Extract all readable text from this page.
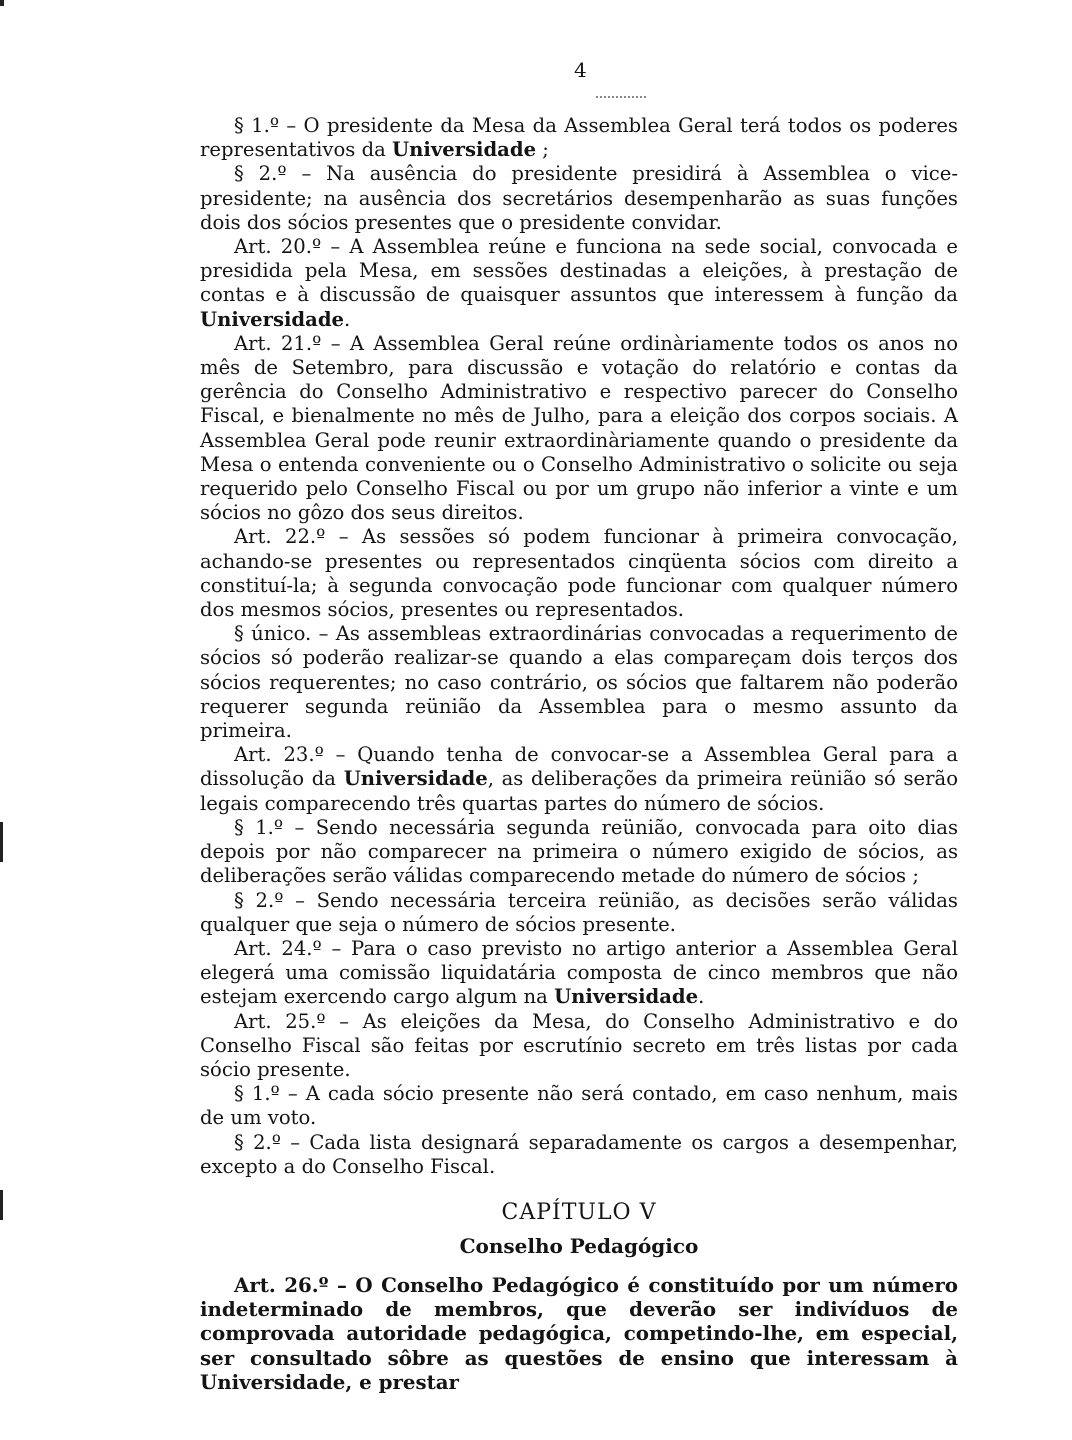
4

§ 1.º – O presidente da Mesa da Assemblea Geral terá todos os poderes representativos da Universidade ;

§ 2.º – Na ausência do presidente presidirá à Assemblea o vice-presidente; na ausência dos secretários desempenharão as suas funções dois dos sócios presentes que o presidente convidar.

Art. 20.º – A Assemblea reúne e funciona na sede social, convocada e presidida pela Mesa, em sessões destinadas a eleições, à prestação de contas e à discussão de quaisquer assuntos que interessem à função da Universidade.

Art. 21.º – A Assemblea Geral reúne ordinàriamente todos os anos no mês de Setembro, para discussão e votação do relatório e contas da gerência do Conselho Administrativo e respectivo parecer do Conselho Fiscal, e bienalmente no mês de Julho, para a eleição dos corpos sociais. A Assemblea Geral pode reunir extraordinàriamente quando o presidente da Mesa o entenda conveniente ou o Conselho Administrativo o solicite ou seja requerido pelo Conselho Fiscal ou por um grupo não inferior a vinte e um sócios no gôzo dos seus direitos.

Art. 22.º – As sessões só podem funcionar à primeira convocação, achando-se presentes ou representados cinqüenta sócios com direito a constituí-la; à segunda convocação pode funcionar com qualquer número dos mesmos sócios, presentes ou representados.

§ único. – As assembleas extraordinárias convocadas a requerimento de sócios só poderão realizar-se quando a elas compareçam dois terços dos sócios requerentes; no caso contrário, os sócios que faltarem não poderão requerer segunda reünião da Assemblea para o mesmo assunto da primeira.

Art. 23.º – Quando tenha de convocar-se a Assemblea Geral para a dissolução da Universidade, as deliberações da primeira reünião só serão legais comparecendo três quartas partes do número de sócios.

§ 1.º – Sendo necessária segunda reünião, convocada para oito dias depois por não comparecer na primeira o número exigido de sócios, as deliberações serão válidas comparecendo metade do número de sócios ;

§ 2.º – Sendo necessária terceira reünião, as decisões serão válidas qualquer que seja o número de sócios presente.

Art. 24.º – Para o caso previsto no artigo anterior a Assemblea Geral elegerá uma comissão liquidatária composta de cinco membros que não estejam exercendo cargo algum na Universidade.

Art. 25.º – As eleições da Mesa, do Conselho Administrativo e do Conselho Fiscal são feitas por escrutínio secreto em três listas por cada sócio presente.

§ 1.º – A cada sócio presente não será contado, em caso nenhum, mais de um voto.

§ 2.º – Cada lista designará separadamente os cargos a desempenhar, excepto a do Conselho Fiscal.

CAPÍTULO V
Conselho Pedagógico

Art. 26.º – O Conselho Pedagógico é constituído por um número indeterminado de membros, que deverão ser indivíduos de comprovada autoridade pedagógica, competindo-lhe, em especial, ser consultado sôbre as questões de ensino que interessam à Universidade, e prestar
